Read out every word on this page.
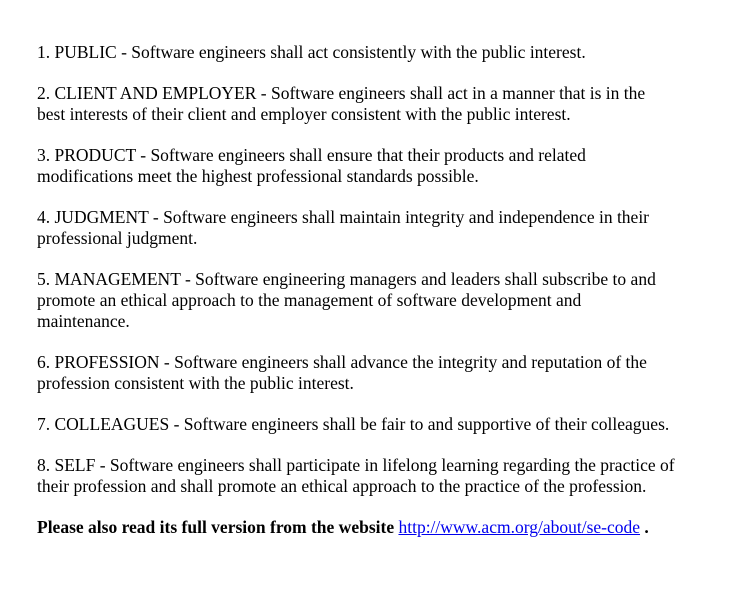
1. PUBLIC - Software engineers shall act consistently with the public interest.

2. CLIENT AND EMPLOYER - Software engineers shall act in a manner that is in the best interests of their client and employer consistent with the public interest.

3. PRODUCT - Software engineers shall ensure that their products and related modifications meet the highest professional standards possible.

4. JUDGMENT - Software engineers shall maintain integrity and independence in their professional judgment.

5. MANAGEMENT - Software engineering managers and leaders shall subscribe to and promote an ethical approach to the management of software development and maintenance.

6. PROFESSION - Software engineers shall advance the integrity and reputation of the profession consistent with the public interest.

7. COLLEAGUES - Software engineers shall be fair to and supportive of their colleagues.

8. SELF - Software engineers shall participate in lifelong learning regarding the practice of their profession and shall promote an ethical approach to the practice of the profession.

Please also read its full version from the website http://www.acm.org/about/se-code .
